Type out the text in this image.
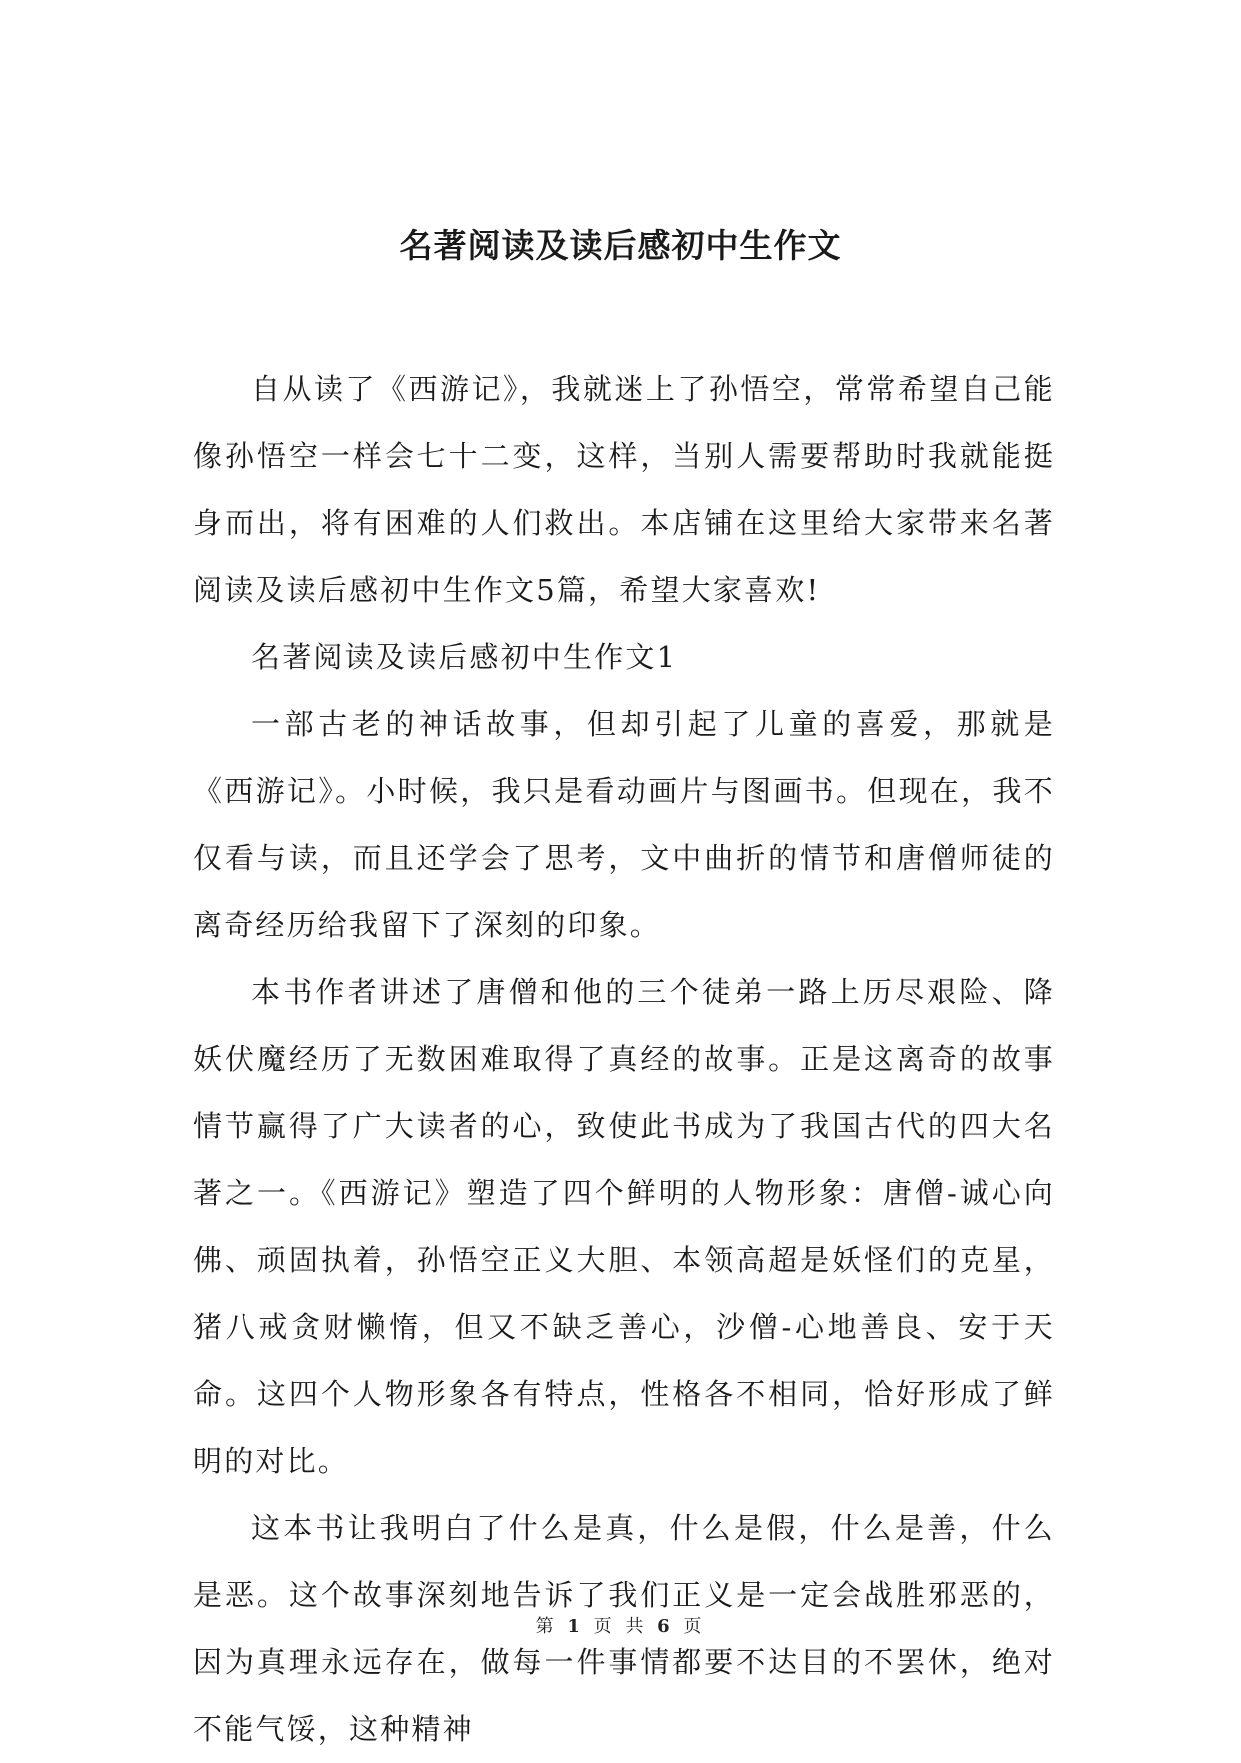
名著阅读及读后感初中生作文

自从读了《西游记》，我就迷上了孙悟空，常常希望自己能像孙悟空一样会七十二变，这样，当别人需要帮助时我就能挺身而出，将有困难的人们救出。本店铺在这里给大家带来名著阅读及读后感初中生作文5篇，希望大家喜欢!

名著阅读及读后感初中生作文1

一部古老的神话故事，但却引起了儿童的喜爱，那就是《西游记》。小时候，我只是看动画片与图画书。但现在，我不仅看与读，而且还学会了思考，文中曲折的情节和唐僧师徒的离奇经历给我留下了深刻的印象。

本书作者讲述了唐僧和他的三个徒弟一路上历尽艰险、降妖伏魔经历了无数困难取得了真经的故事。正是这离奇的故事情节赢得了广大读者的心，致使此书成为了我国古代的四大名著之一。《西游记》塑造了四个鲜明的人物形象：唐僧-诚心向佛、顽固执着，孙悟空正义大胆、本领高超是妖怪们的克星，猪八戒贪财懒惰，但又不缺乏善心，沙僧-心地善良、安于天命。这四个人物形象各有特点，性格各不相同，恰好形成了鲜明的对比。

这本书让我明白了什么是真，什么是假，什么是善，什么是恶。这个故事深刻地告诉了我们正义是一定会战胜邪恶的，因为真理永远存在，做每一件事情都要不达目的不罢休，绝对不能气馁，这种精神

第 1 页 共 6 页
